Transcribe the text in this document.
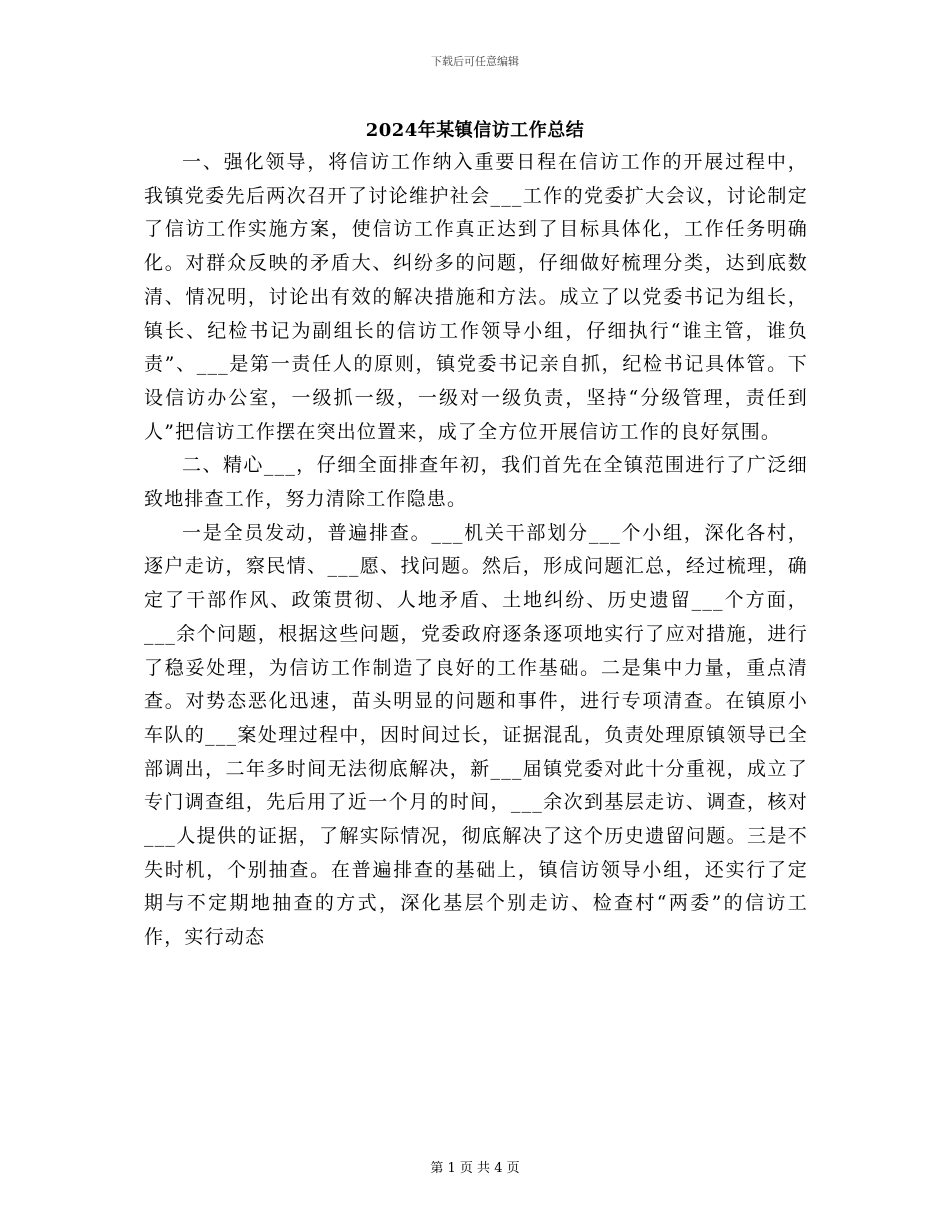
下载后可任意编辑
2024年某镇信访工作总结

一、强化领导，将信访工作纳入重要日程在信访工作的开展过程中，我镇党委先后两次召开了讨论维护社会___工作的党委扩大会议，讨论制定了信访工作实施方案，使信访工作真正达到了目标具体化，工作任务明确化。对群众反映的矛盾大、纠纷多的问题，仔细做好梳理分类，达到底数清、情况明，讨论出有效的解决措施和方法。成立了以党委书记为组长，镇长、纪检书记为副组长的信访工作领导小组，仔细执行“谁主管，谁负责”、___是第一责任人的原则，镇党委书记亲自抓，纪检书记具体管。下设信访办公室，一级抓一级，一级对一级负责，坚持“分级管理，责任到人”把信访工作摆在突出位置来，成了全方位开展信访工作的良好氛围。

二、精心___，仔细全面排查年初，我们首先在全镇范围进行了广泛细致地排查工作，努力清除工作隐患。

一是全员发动，普遍排查。___机关干部划分___个小组，深化各村，逐户走访，察民情、___愿、找问题。然后，形成问题汇总，经过梳理，确定了干部作风、政策贯彻、人地矛盾、土地纠纷、历史遗留___个方面，___余个问题，根据这些问题，党委政府逐条逐项地实行了应对措施，进行了稳妥处理，为信访工作制造了良好的工作基础。二是集中力量，重点清查。对势态恶化迅速，苗头明显的问题和事件，进行专项清查。在镇原小车队的___案处理过程中，因时间过长，证据混乱，负责处理原镇领导已全部调出，二年多时间无法彻底解决，新___届镇党委对此十分重视，成立了专门调查组，先后用了近一个月的时间，___余次到基层走访、调查，核对___人提供的证据，了解实际情况，彻底解决了这个历史遗留问题。三是不失时机，个别抽查。在普遍排查的基础上，镇信访领导小组，还实行了定期与不定期地抽查的方式，深化基层个别走访、检查村“两委”的信访工作，实行动态

第 1 页 共 4 页
